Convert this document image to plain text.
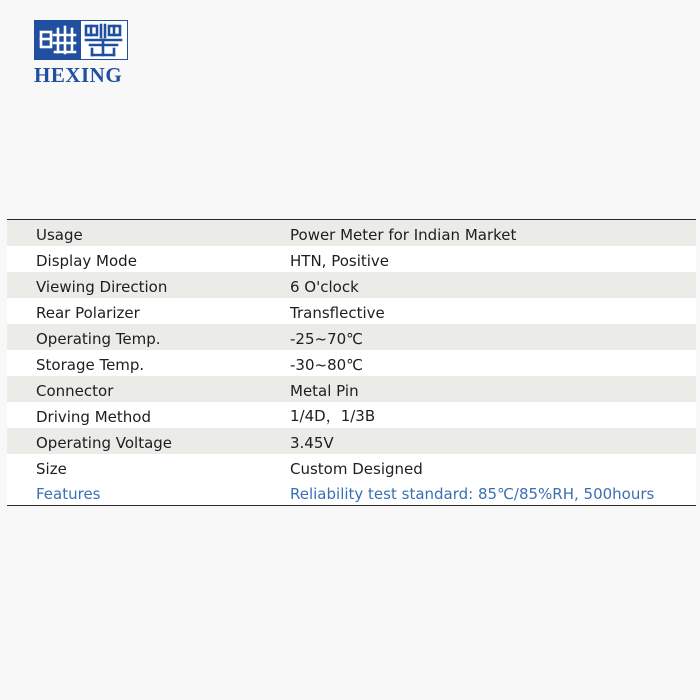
HEXING
Usage	Power Meter for Indian Market
Display Mode	HTN, Positive
Viewing Direction	6 O'clock
Rear Polarizer	Transflective
Operating Temp.	-25~70℃
Storage Temp.	-30~80℃
Connector	Metal Pin
Driving Method	1/4D，1/3B
Operating Voltage	3.45V
Size	Custom Designed
Features	Reliability test standard: 85℃/85%RH, 500hours
